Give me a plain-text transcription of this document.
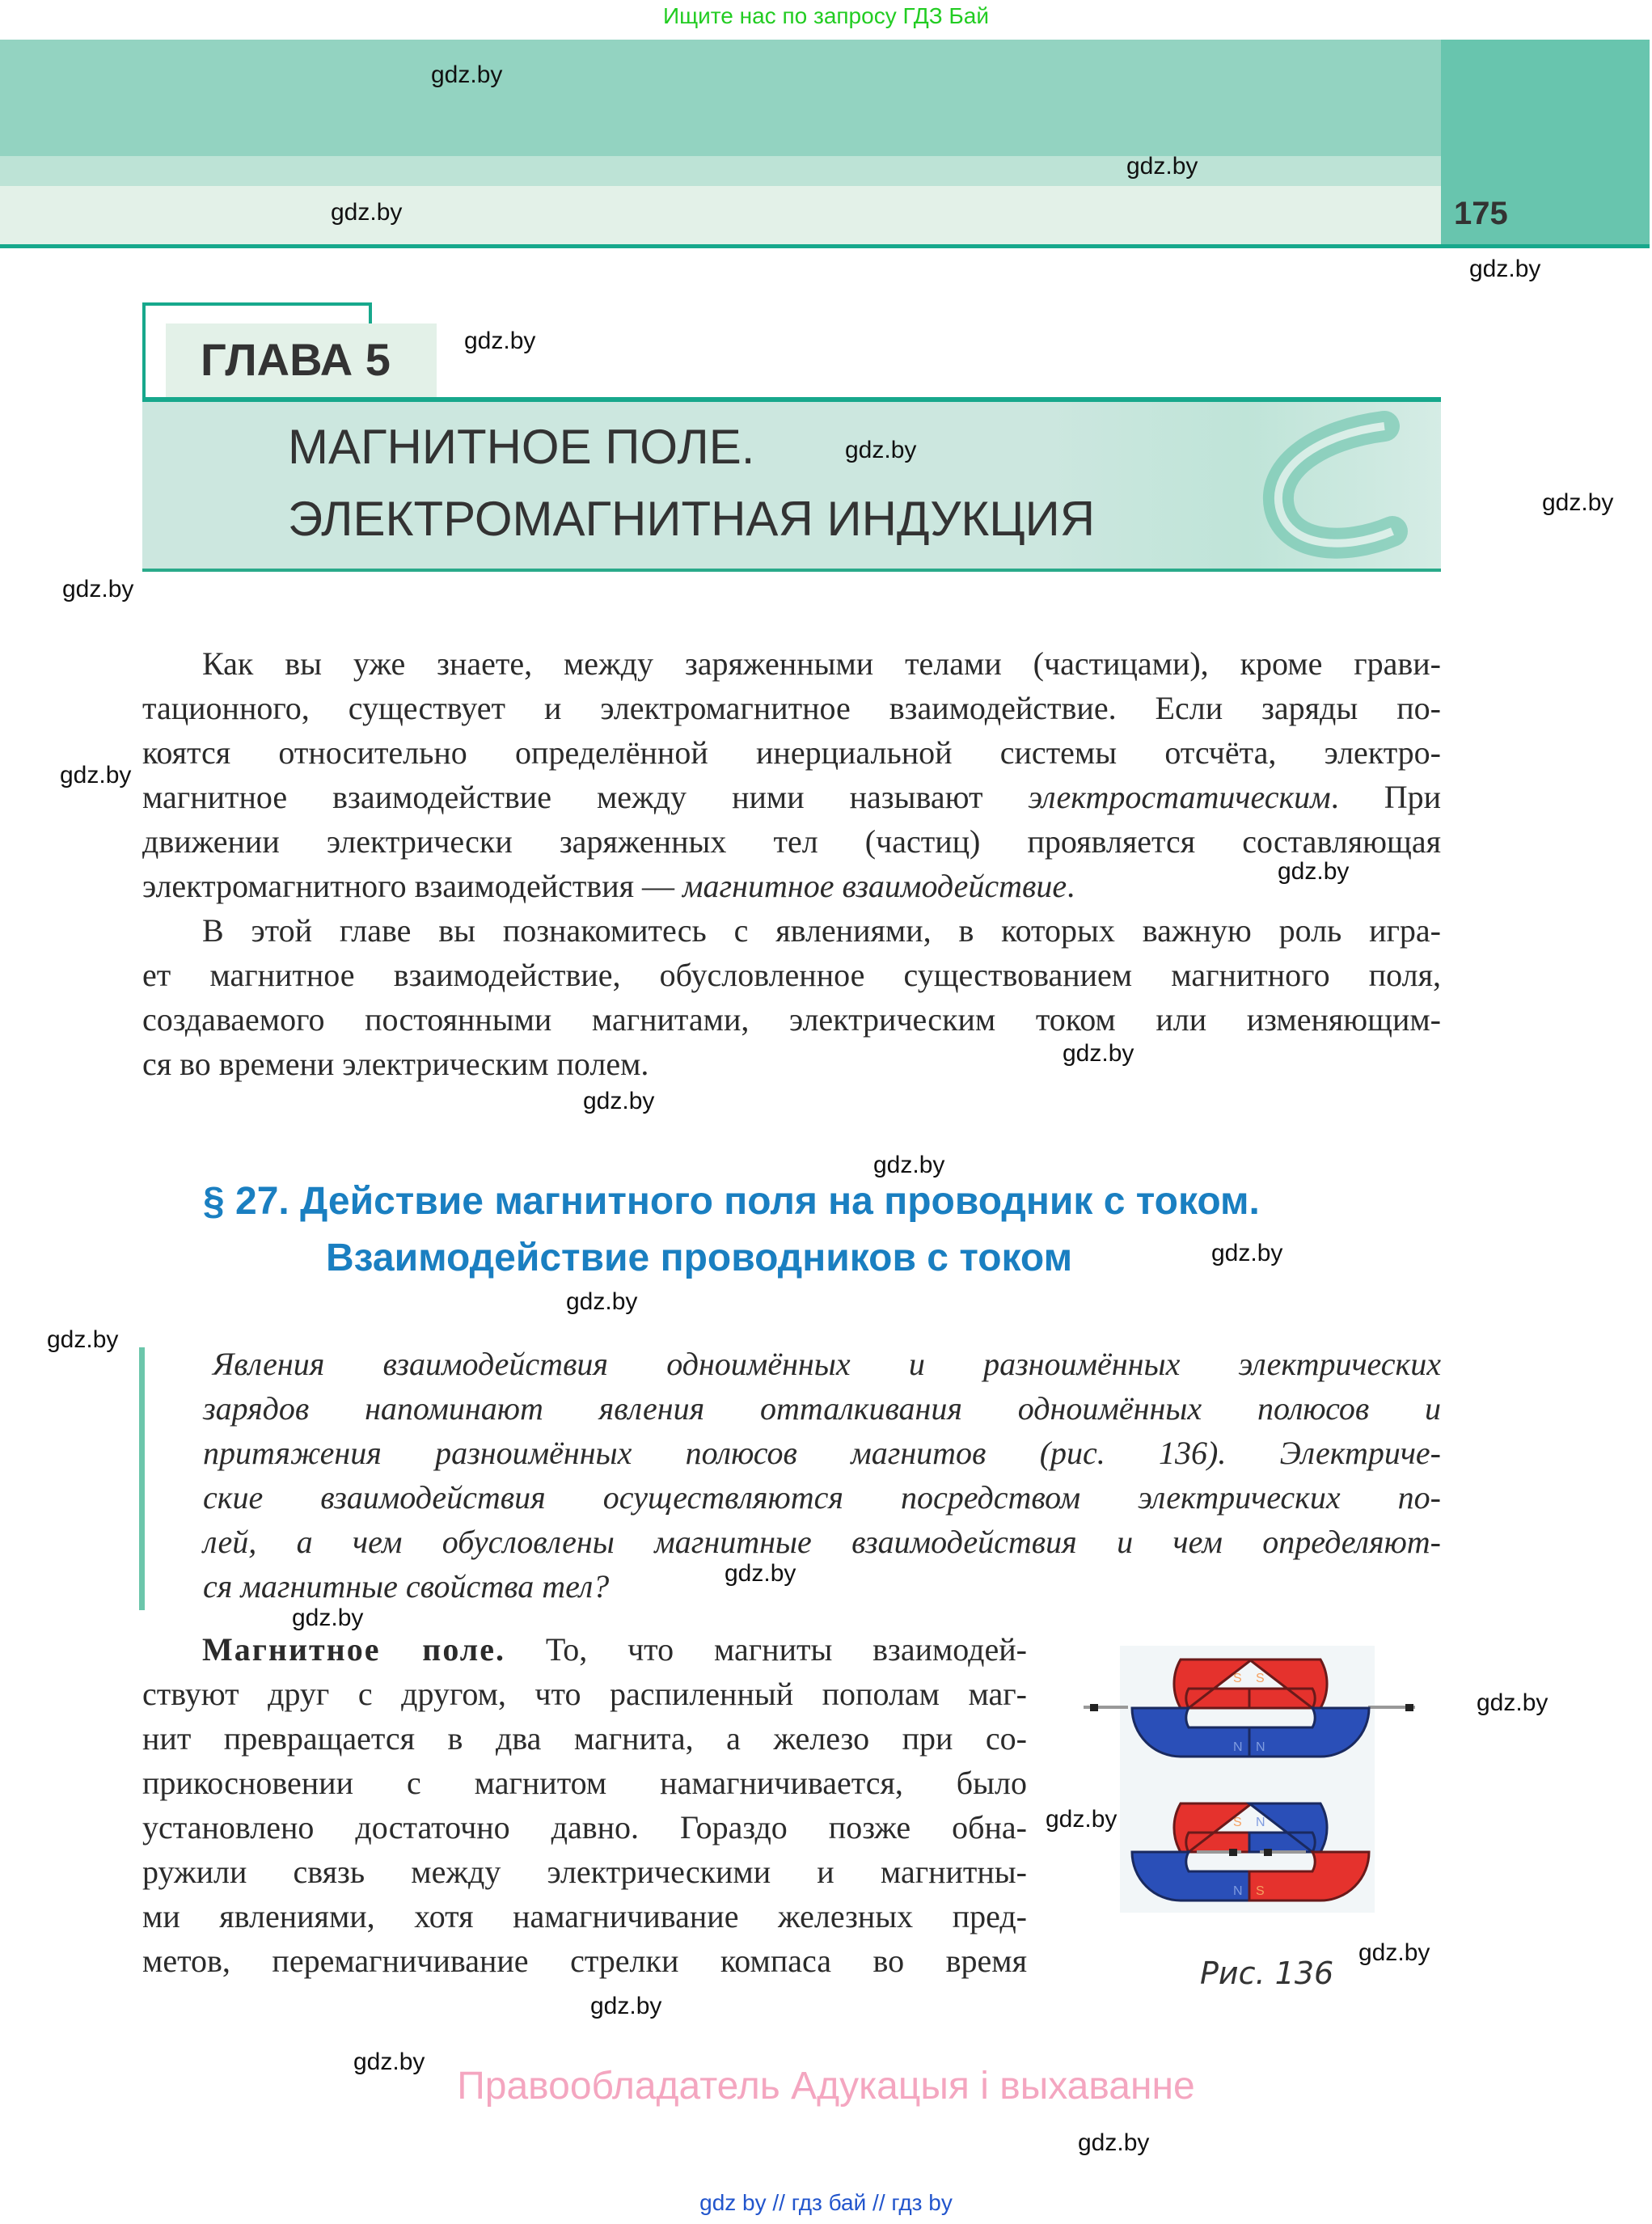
Ищите нас по запросу ГДЗ Бай
175
ГЛАВА 5
МАГНИТНОЕ ПОЛЕ.
ЭЛЕКТРОМАГНИТНАЯ ИНДУКЦИЯ
Как вы уже знаете, между заряженными телами (частицами), кроме грави-
тационного, существует и электромагнитное взаимодействие. Если заряды по-
коятся относительно определённой инерциальной системы отсчёта, электро-
магнитное взаимодействие между ними называют электростатическим. При
движении электрически заряженных тел (частиц) проявляется составляющая
электромагнитного взаимодействия — магнитное взаимодействие.
В этой главе вы познакомитесь с явлениями, в которых важную роль игра-
ет магнитное взаимодействие, обусловленное существованием магнитного поля,
создаваемого постоянными магнитами, электрическим током или изменяющим-
ся во времени электрическим полем.
§ 27. Действие магнитного поля на проводник с током.
Взаимодействие проводников с током
Явления взаимодействия одноимённых и разноимённых электрических
зарядов напоминают явления отталкивания одноимённых полюсов и
притяжения разноимённых полюсов магнитов (рис. 136). Электриче-
ские взаимодействия осуществляются посредством электрических по-
лей, а чем обусловлены магнитные взаимодействия и чем определяют-
ся магнитные свойства тел?
Магнитное поле. То, что магниты взаимодей-
ствуют друг с другом, что распиленный пополам маг-
нит превращается в два магнита, а железо при со-
прикосновении с магнитом намагничивается, было
установлено достаточно давно. Гораздо позже обна-
ружили связь между электрическими и магнитны-
ми явлениями, хотя намагничивание железных пред-
метов, перемагничивание стрелки компаса во время
S
N
S
N
S
N
N
S
Рис. 136
Правообладатель Адукацыя і выхаванне
gdz by // гдз бай // гдз by
gdz.by
gdz.by
gdz.by
gdz.by
gdz.by
gdz.by
gdz.by
gdz.by
gdz.by
gdz.by
gdz.by
gdz.by
gdz.by
gdz.by
gdz.by
gdz.by
gdz.by
gdz.by
gdz.by
gdz.by
gdz.by
gdz.by
gdz.by
gdz.by
